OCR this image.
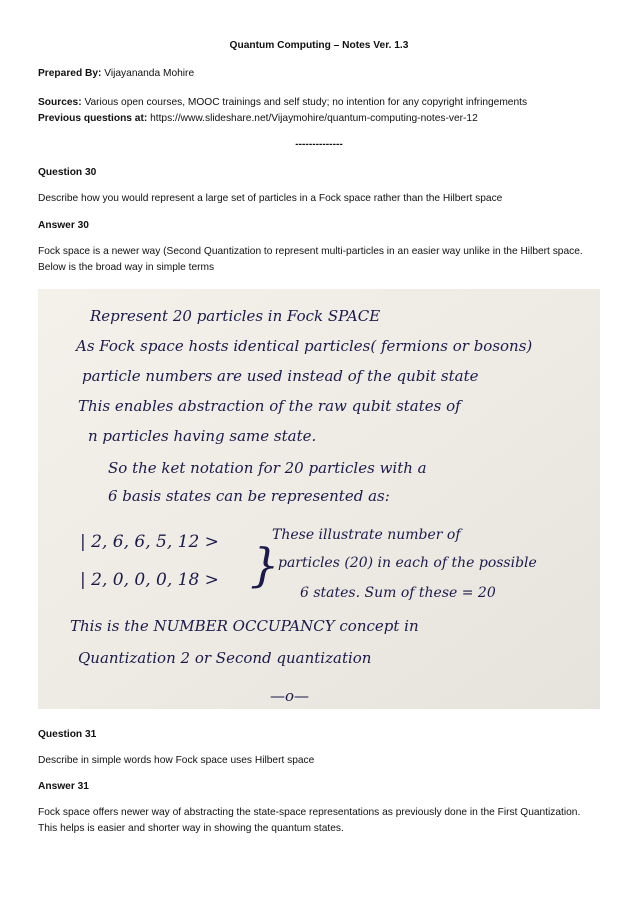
Quantum Computing – Notes Ver. 1.3
Prepared By: Vijayananda Mohire
Sources: Various open courses, MOOC trainings and self study; no intention for any copyright infringements
Previous questions at: https://www.slideshare.net/Vijaymohire/quantum-computing-notes-ver-12
--------------
Question 30
Describe how you would represent a large set of particles in a Fock space rather than the Hilbert space
Answer 30
Fock space is a newer way (Second Quantization to represent multi-particles in an easier way unlike in the Hilbert space. Below is the broad way in simple terms
Represent 20 particles in Fock SPACE
As Fock space hosts identical particles( fermions or bosons)
particle numbers are used instead of the qubit state
This enables abstraction of the raw qubit states of
n particles having same state.
So the ket notation for 20 particles with a
6 basis states can be represented as:
| 2, 6, 6, 5, 12 >
| 2, 0, 0, 0, 18 > }
These illustrate number of
particles (20) in each of the possible
6 states. Sum of these = 20
This is the NUMBER OCCUPANCY concept in
Quantization 2 or Second quantization
—o—
Question 31
Describe in simple words how Fock space uses Hilbert space
Answer 31
Fock space offers newer way of abstracting the state-space representations as previously done in the First Quantization. This helps is easier and shorter way in showing the quantum states.
